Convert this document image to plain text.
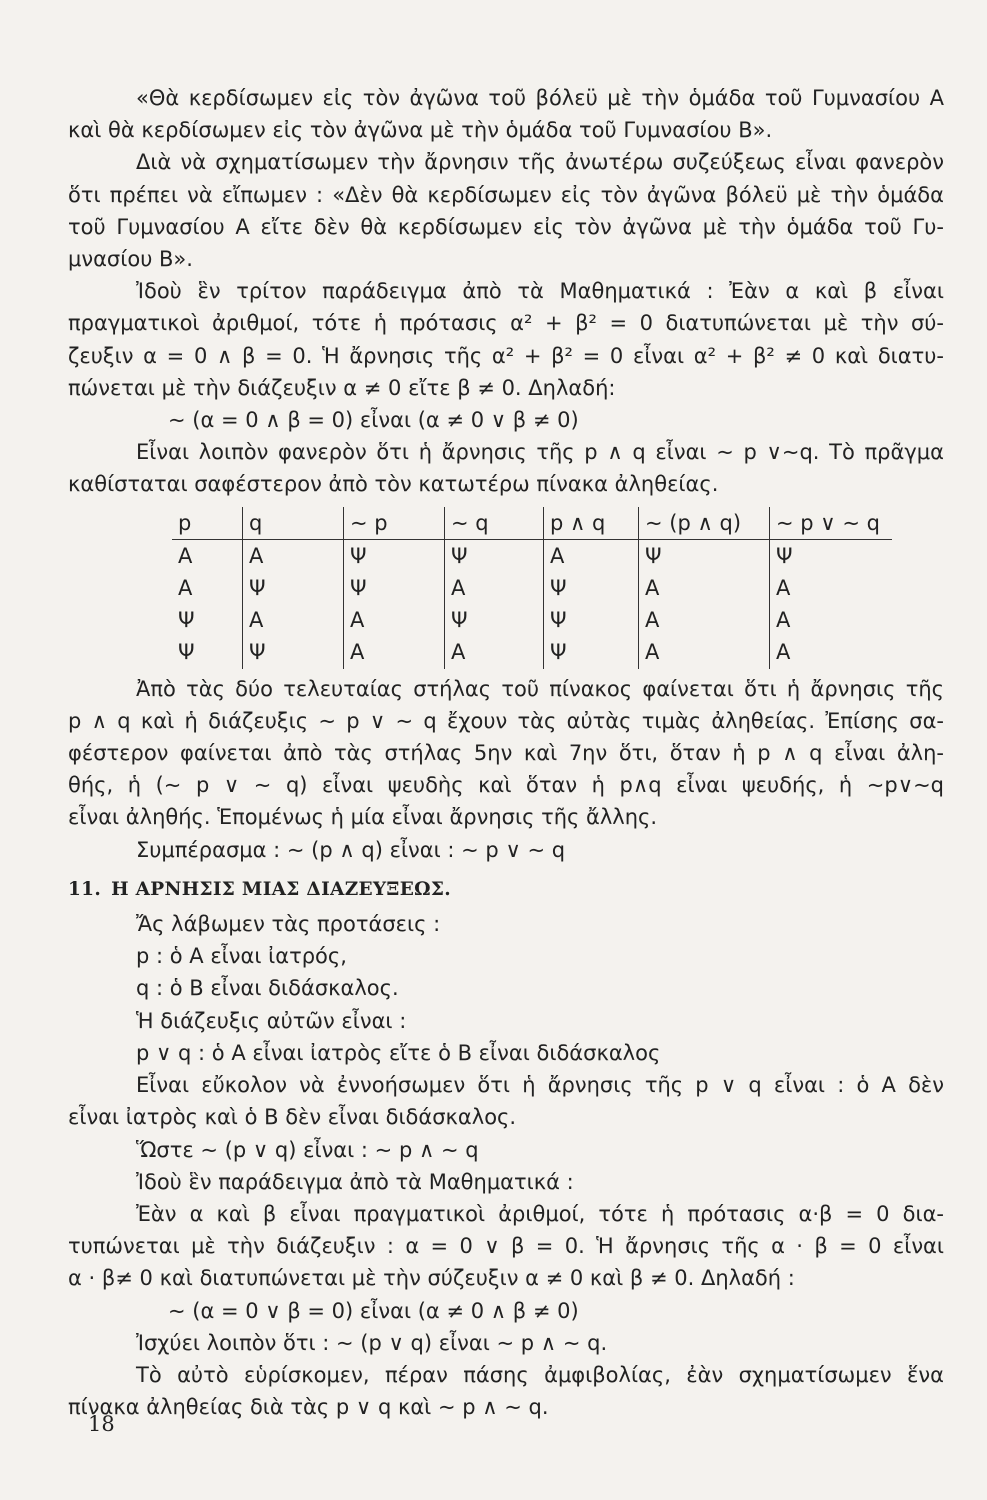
«Θὰ κερδίσωμεν εἰς τὸν ἀγῶνα τοῦ βόλεϋ μὲ τὴν ὁμάδα τοῦ Γυμνασίου Α

καὶ θὰ κερδίσωμεν εἰς τὸν ἀγῶνα μὲ τὴν ὁμάδα τοῦ Γυμνασίου Β».

Διὰ νὰ σχηματίσωμεν τὴν ἄρνησιν τῆς ἀνωτέρω συζεύξεως εἶναι φανερὸν

ὅτι πρέπει νὰ εἴπωμεν : «Δὲν θὰ κερδίσωμεν εἰς τὸν ἀγῶνα βόλεϋ μὲ τὴν ὁμάδα

τοῦ Γυμνασίου Α εἴτε δὲν θὰ κερδίσωμεν εἰς τὸν ἀγῶνα μὲ τὴν ὁμάδα τοῦ Γυ-

μνασίου Β».

Ἰδοὺ ἓν τρίτον παράδειγμα ἀπὸ τὰ Μαθηματικά : Ἐὰν α καὶ β εἶναι

πραγματικοὶ ἀριθμοί, τότε ἡ πρότασις α² + β² = 0 διατυπώνεται μὲ τὴν σύ-

ζευξιν α = 0 ∧ β = 0. Ἡ ἄρνησις τῆς α² + β² = 0 εἶναι α² + β² ≠ 0 καὶ διατυ-

πώνεται μὲ τὴν διάζευξιν α ≠ 0 εἴτε β ≠ 0. Δηλαδή:

∼ (α = 0 ∧ β = 0) εἶναι (α ≠ 0 ∨ β ≠ 0)

Εἶναι λοιπὸν φανερὸν ὅτι ἡ ἄρνησις τῆς p ∧ q εἶναι ∼ p ∨∼q. Τὸ πρᾶγμα

καθίσταται σαφέστερον ἀπὸ τὸν κατωτέρω πίνακα ἀληθείας.

p	q	∼ p	∼ q	p ∧ q	∼ (p ∧ q)	∼ p ∨ ∼ q
Α	Α	Ψ	Ψ	Α	Ψ	Ψ
Α	Ψ	Ψ	Α	Ψ	Α	Α
Ψ	Α	Α	Ψ	Ψ	Α	Α
Ψ	Ψ	Α	Α	Ψ	Α	Α

Ἀπὸ τὰς δύο τελευταίας στήλας τοῦ πίνακος φαίνεται ὅτι ἡ ἄρνησις τῆς

p ∧ q καὶ ἡ διάζευξις ∼ p ∨ ∼ q ἔχουν τὰς αὐτὰς τιμὰς ἀληθείας. Ἐπίσης σα-

φέστερον φαίνεται ἀπὸ τὰς στήλας 5ην καὶ 7ην ὅτι, ὅταν ἡ p ∧ q εἶναι ἀλη-

θής, ἡ (∼ p ∨ ∼ q) εἶναι ψευδὴς καὶ ὅταν ἡ p∧q εἶναι ψευδής, ἡ ∼p∨∼q

εἶναι ἀληθής. Ἑπομένως ἡ μία εἶναι ἄρνησις τῆς ἄλλης.

Συμπέρασμα : ∼ (p ∧ q) εἶναι : ∼ p ∨ ∼ q

11. Η ΑΡΝΗΣΙΣ ΜΙΑΣ ΔΙΑΖΕΥΞΕΩΣ.

Ἄς λάβωμεν τὰς προτάσεις :

p : ὁ Α εἶναι ἰατρός,

q : ὁ Β εἶναι διδάσκαλος.

Ἡ διάζευξις αὐτῶν εἶναι :

p ∨ q : ὁ Α εἶναι ἰατρὸς εἴτε ὁ Β εἶναι διδάσκαλος

Εἶναι εὔκολον νὰ ἐννοήσωμεν ὅτι ἡ ἄρνησις τῆς p ∨ q εἶναι : ὁ Α δὲν

εἶναι ἰατρὸς καὶ ὁ Β δὲν εἶναι διδάσκαλος.

Ὥστε ∼ (p ∨ q) εἶναι : ∼ p ∧ ∼ q

Ἰδοὺ ἓν παράδειγμα ἀπὸ τὰ Μαθηματικά :

Ἐὰν α καὶ β εἶναι πραγματικοὶ ἀριθμοί, τότε ἡ πρότασις α·β = 0 δια-

τυπώνεται μὲ τὴν διάζευξιν : α = 0 ∨ β = 0. Ἡ ἄρνησις τῆς α · β = 0 εἶναι

α · β≠ 0 καὶ διατυπώνεται μὲ τὴν σύζευξιν α ≠ 0 καὶ β ≠ 0. Δηλαδή :

∼ (α = 0 ∨ β = 0) εἶναι (α ≠ 0 ∧ β ≠ 0)

Ἰσχύει λοιπὸν ὅτι : ∼ (p ∨ q) εἶναι ∼ p ∧ ∼ q.

Τὸ αὐτὸ εὑρίσκομεν, πέραν πάσης ἀμφιβολίας, ἐὰν σχηματίσωμεν ἕνα

πίνακα ἀληθείας διὰ τὰς p ∨ q καὶ ∼ p ∧ ∼ q.

18
